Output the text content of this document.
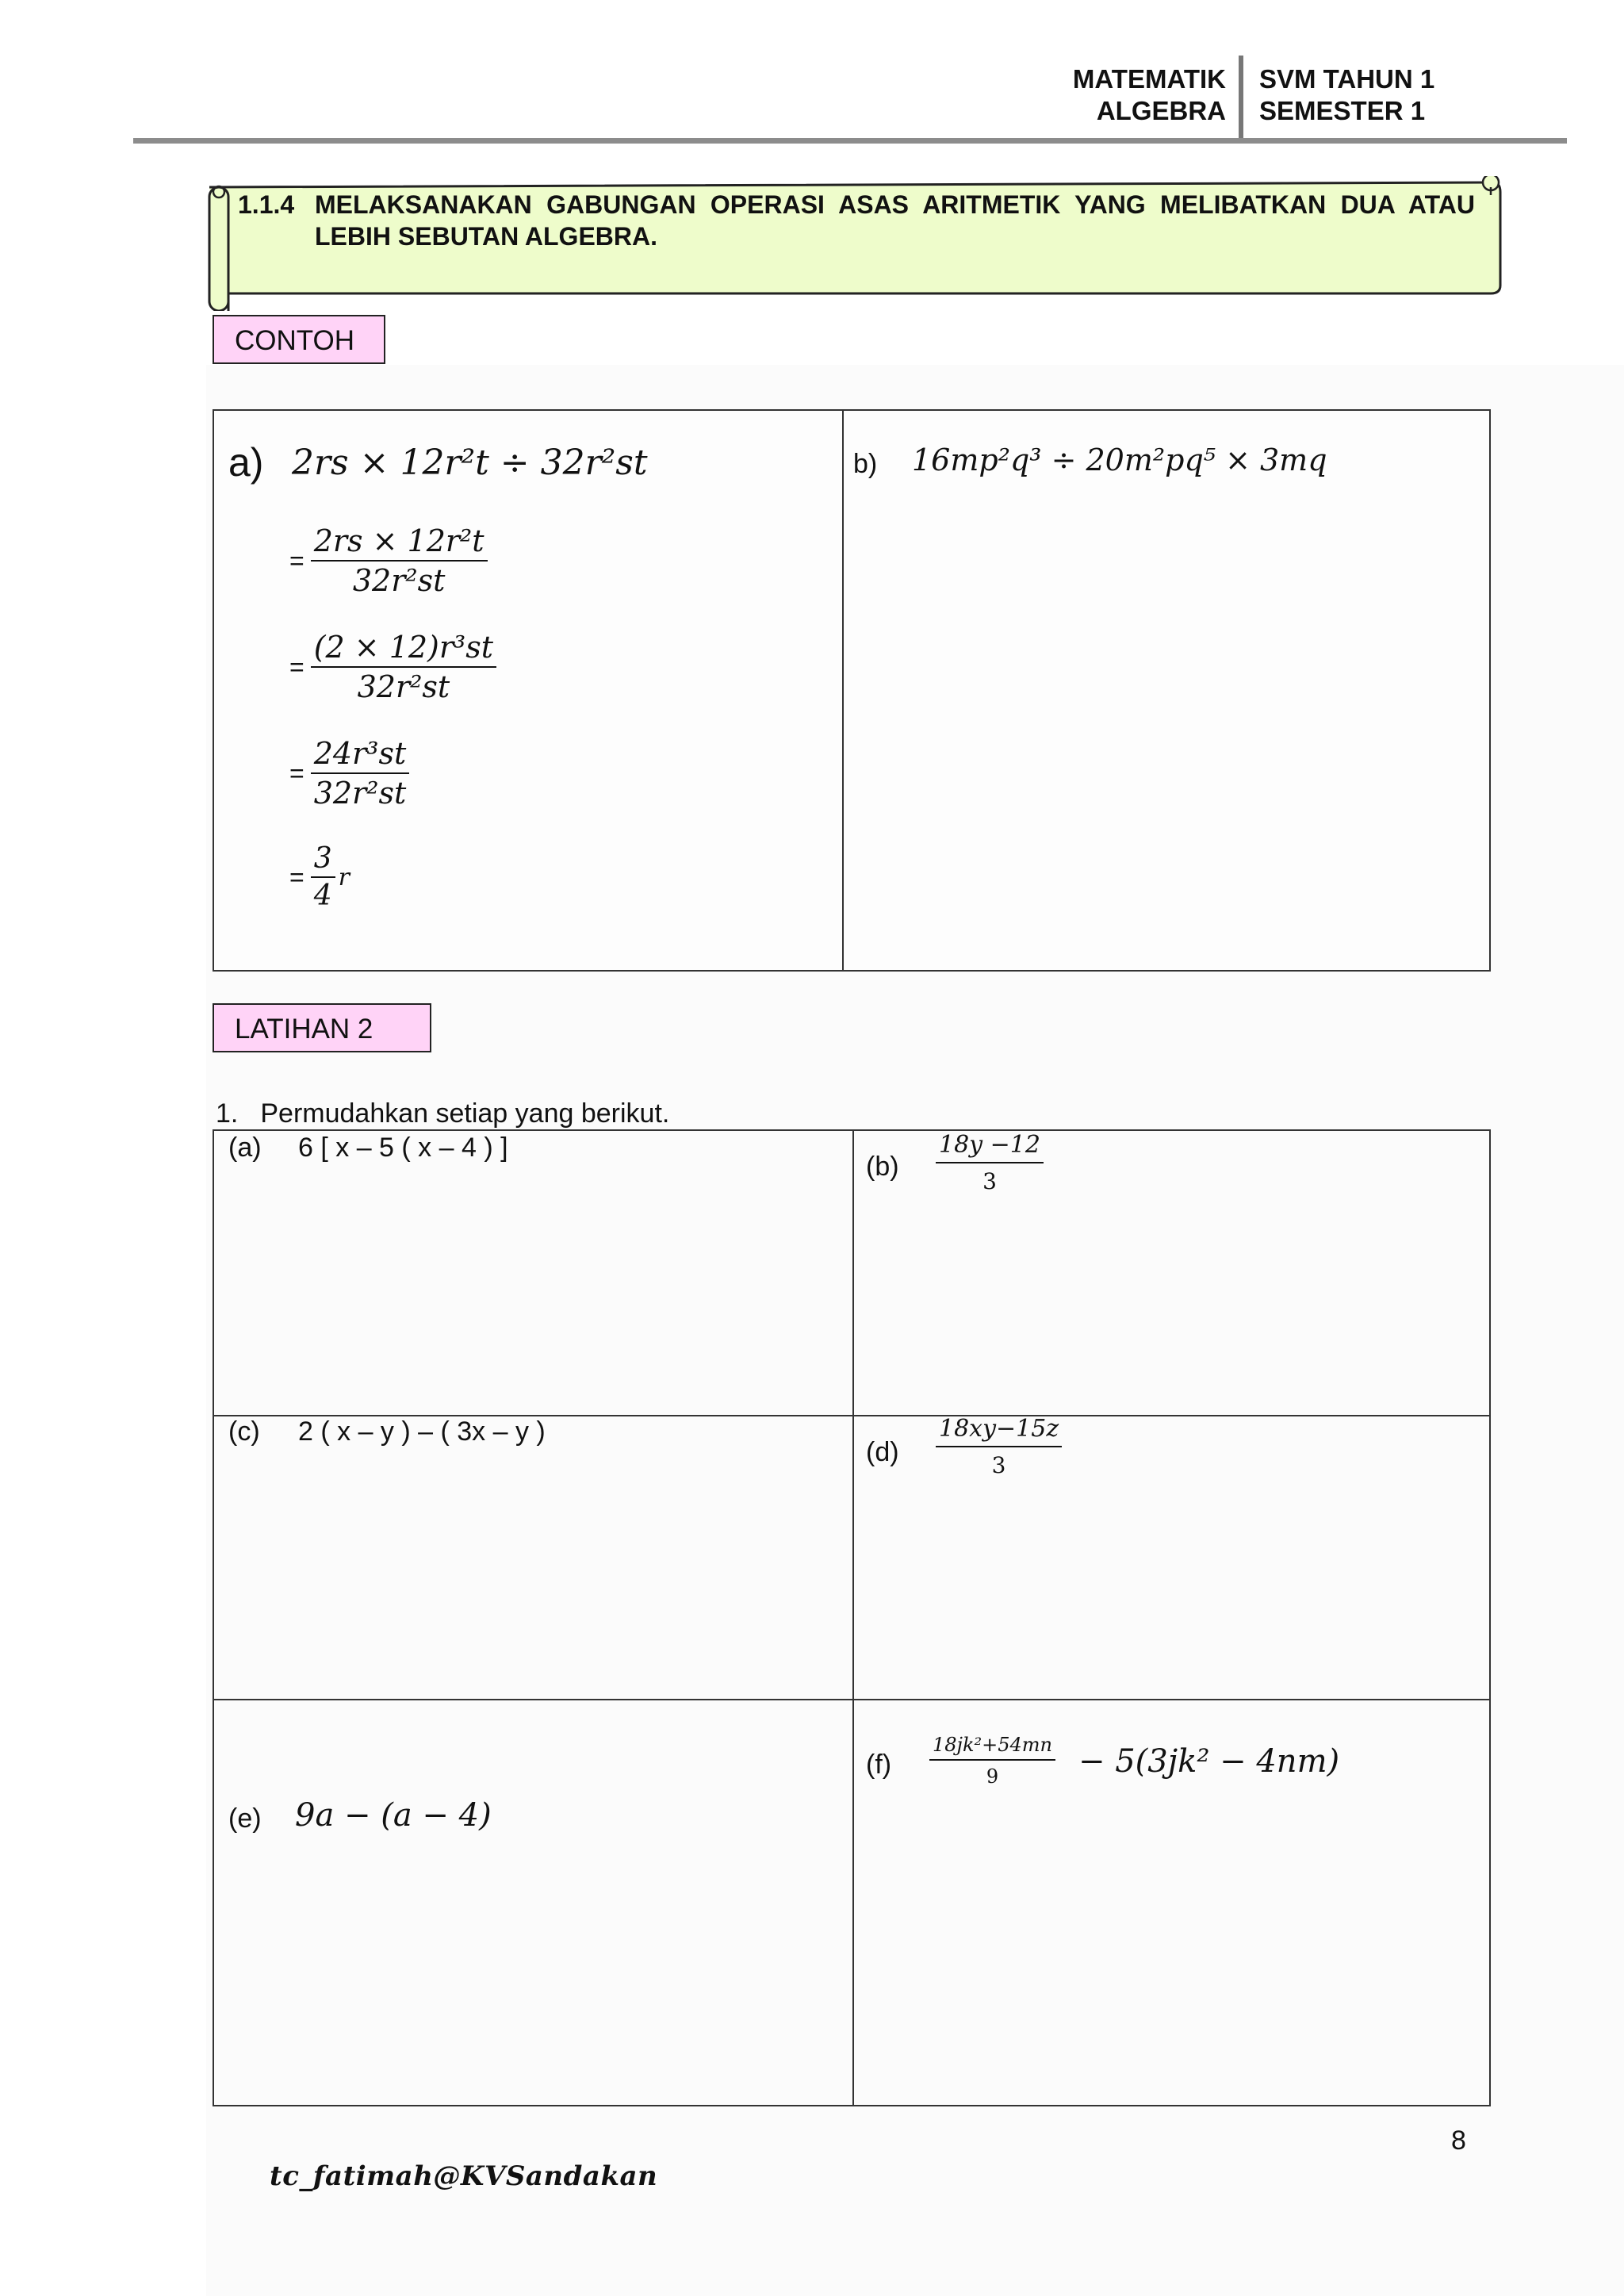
MATEMATIK
ALGEBRA
SVM TAHUN 1
SEMESTER 1
1.1.4 MELAKSANAKAN GABUNGAN OPERASI ASAS ARITMETIK YANG MELIBATKAN DUA ATAU LEBIH SEBUTAN ALGEBRA.
CONTOH
a) 2rs × 12r²t ÷ 32r²st
= $\frac{\text{2rs × 12r²t}}{\text{32r²st}}$
= $\frac{\text{(2 × 12)r³st}}{\text{32r²st}}$
= $\frac{\text{24r³st}}{\text{32r²st}}$
= $\frac{3}{4}$ r
b) 16mp²q³ ÷ 20m²pq⁵ × 3mq
LATIHAN 2
1. Permudahkan setiap yang berikut.
(a) 6 [ x – 5 ( x – 4 ) ]
$(b) \frac{18y -12}{3}$
(c) 2 ( x – y ) – ( 3x – y )
$(d) \frac{18xy-15z}{3}$
(e) 9a − (a − 4)
$(f) \frac{\text{18jk²+54mn}}{9} - 5(3jk^2 - 4nm)$
8
tc_fatimah@KVSandakan
